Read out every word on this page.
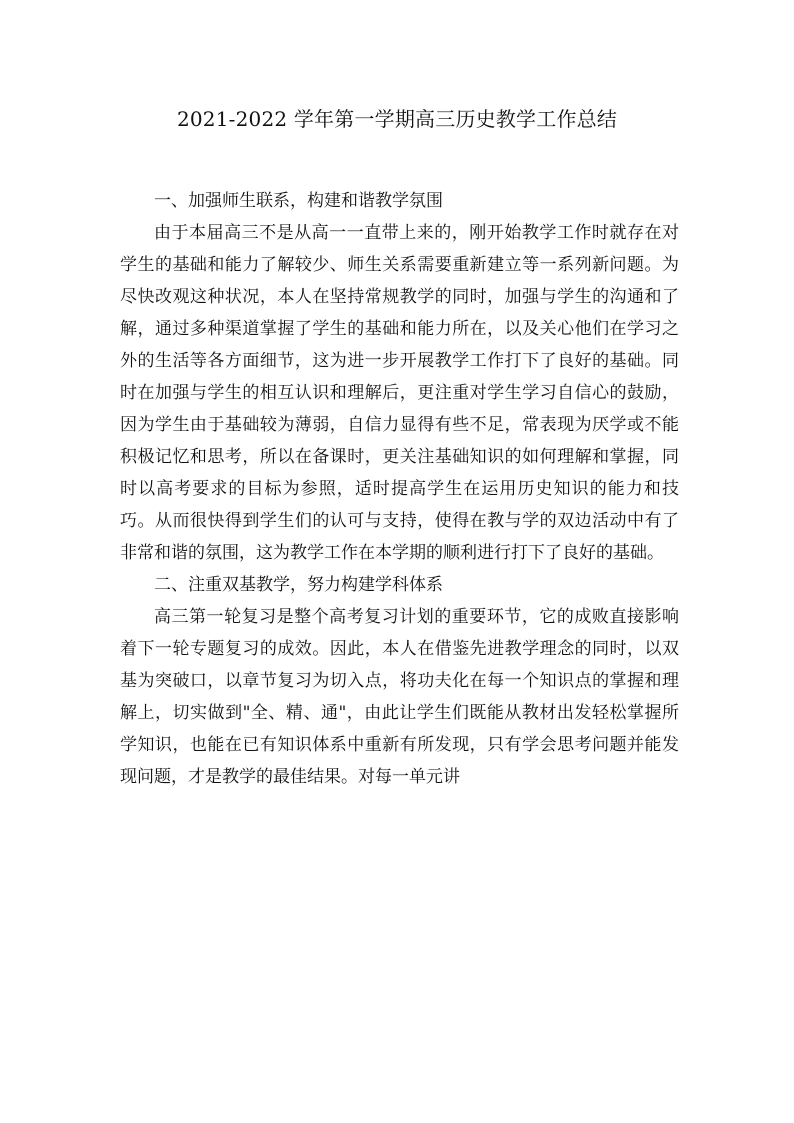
2021-2022 学年第一学期高三历史教学工作总结

一、加强师生联系，构建和谐教学氛围

由于本届高三不是从高一一直带上来的，刚开始教学工作时就存在对学生的基础和能力了解较少、师生关系需要重新建立等一系列新问题。为尽快改观这种状况，本人在坚持常规教学的同时，加强与学生的沟通和了解，通过多种渠道掌握了学生的基础和能力所在，以及关心他们在学习之外的生活等各方面细节，这为进一步开展教学工作打下了良好的基础。同时在加强与学生的相互认识和理解后，更注重对学生学习自信心的鼓励，因为学生由于基础较为薄弱，自信力显得有些不足，常表现为厌学或不能积极记忆和思考，所以在备课时，更关注基础知识的如何理解和掌握，同时以高考要求的目标为参照，适时提高学生在运用历史知识的能力和技巧。从而很快得到学生们的认可与支持，使得在教与学的双边活动中有了非常和谐的氛围，这为教学工作在本学期的顺利进行打下了良好的基础。

二、注重双基教学，努力构建学科体系

高三第一轮复习是整个高考复习计划的重要环节，它的成败直接影响着下一轮专题复习的成效。因此，本人在借鉴先进教学理念的同时，以双基为突破口，以章节复习为切入点，将功夫化在每一个知识点的掌握和理解上，切实做到"全、精、通"，由此让学生们既能从教材出发轻松掌握所学知识，也能在已有知识体系中重新有所发现，只有学会思考问题并能发现问题，才是教学的最佳结果。对每一单元讲
